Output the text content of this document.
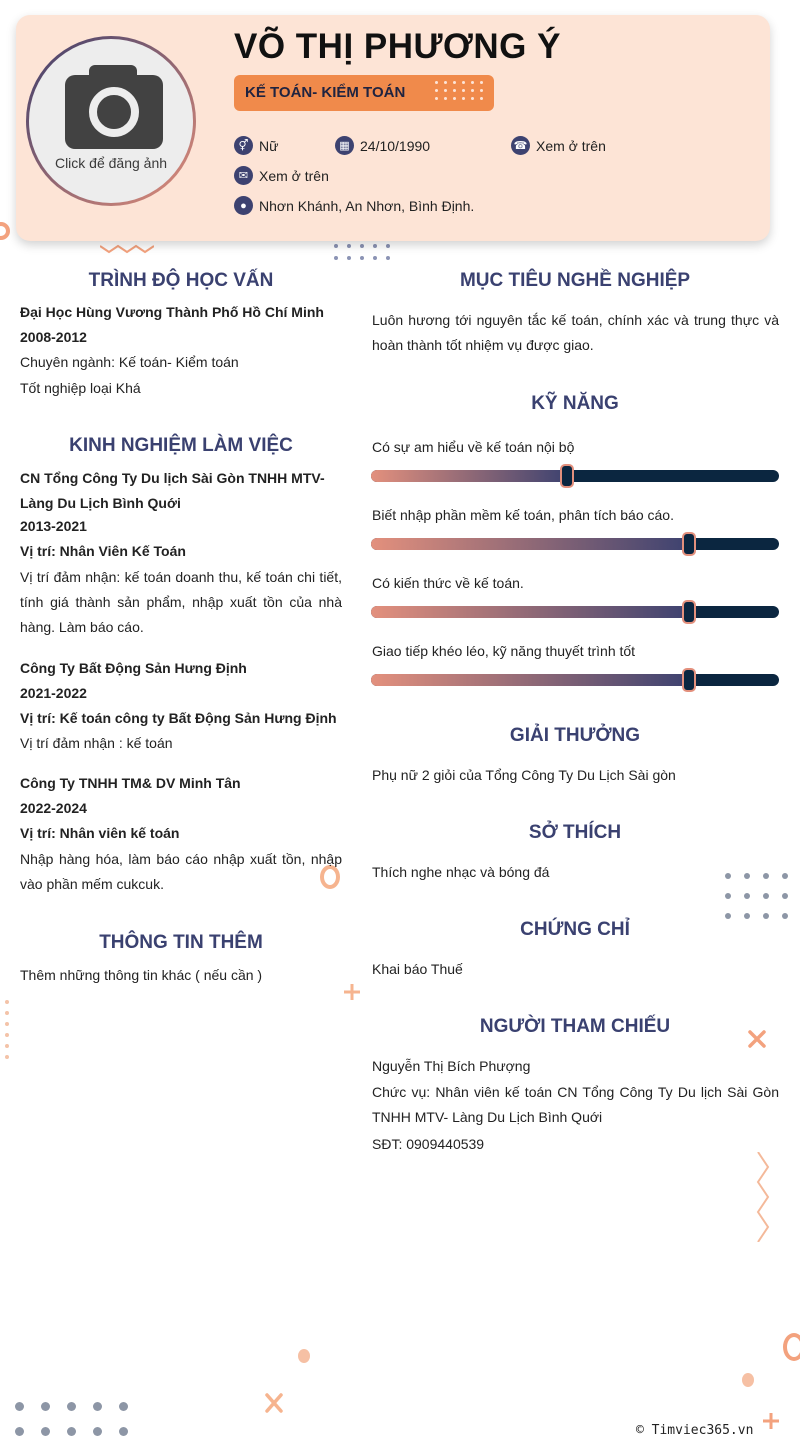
Click để đăng ảnh
VÕ THỊ PHƯƠNG Ý
KẾ TOÁN- KIỂM TOÁN
⚥ Nữ	▦ 24/10/1990	☎ Xem ở trên
✉ Xem ở trên
● Nhơn Khánh, An Nhơn, Bình Định.
TRÌNH ĐỘ HỌC VẤN
Đại Học Hùng Vương Thành Phố Hồ Chí Minh
2008-2012
Chuyên ngành: Kế toán- Kiểm toán
Tốt nghiệp loại Khá
KINH NGHIỆM LÀM VIỆC
CN Tổng Công Ty Du lịch Sài Gòn TNHH MTV- Làng Du Lịch Bình Quới
2013-2021
Vị trí: Nhân Viên Kế Toán
Vị trí đảm nhận: kế toán doanh thu, kế toán chi tiết, tính giá thành sản phẩm, nhập xuất tồn của nhà hàng. Làm báo cáo.
Công Ty Bất Động Sản Hưng Định
2021-2022
Vị trí: Kế toán công ty Bất Động Sản Hưng Định
Vị trí đảm nhận : kế toán
Công Ty TNHH TM& DV Minh Tân
2022-2024
Vị trí: Nhân viên kế toán
Nhập hàng hóa, làm báo cáo nhập xuất tồn, nhập vào phần mếm cukcuk.
THÔNG TIN THÊM
Thêm những thông tin khác ( nếu cần )
MỤC TIÊU NGHỀ NGHIỆP
Luôn hương tới nguyên tắc kế toán, chính xác và trung thực và hoàn thành tốt nhiệm vụ được giao.
KỸ NĂNG
Có sự am hiểu về kế toán nội bộ
Biết nhập phần mềm kế toán, phân tích báo cáo.
Có kiến thức về kế toán.
Giao tiếp khéo léo, kỹ năng thuyết trình tốt
GIẢI THƯỞNG
Phụ nữ 2 giỏi của Tổng Công Ty Du Lịch Sài gòn
SỞ THÍCH
Thích nghe nhạc và bóng đá
CHỨNG CHỈ
Khai báo Thuế
NGƯỜI THAM CHIẾU
Nguyễn Thị Bích Phượng
Chức vụ: Nhân viên kế toán CN Tổng Công Ty Du lịch Sài Gòn TNHH MTV- Làng Du Lịch Bình Quới
SĐT: 0909440539
© Timviec365.vn
